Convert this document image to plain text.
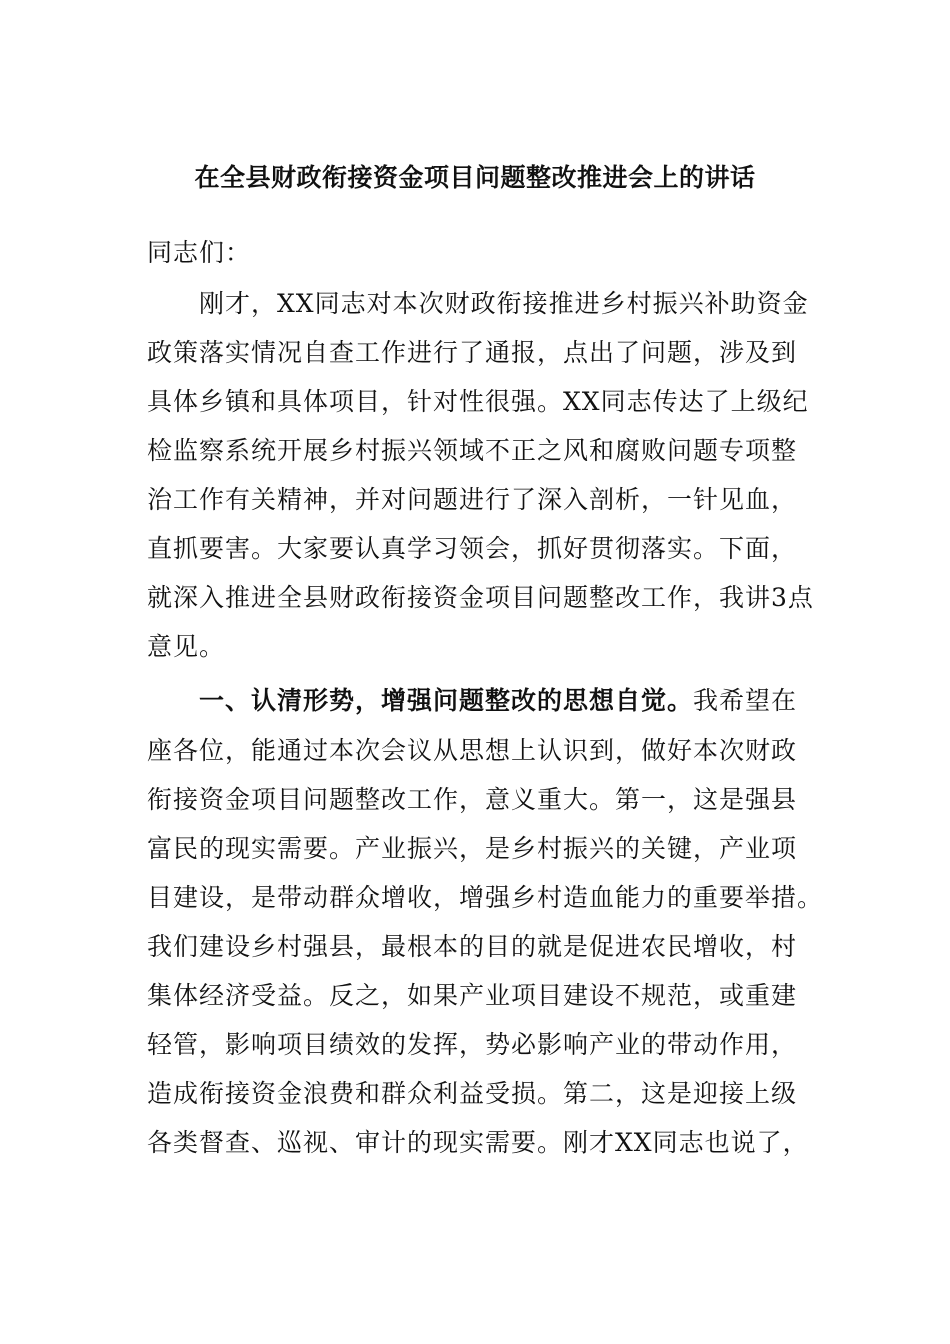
在全县财政衔接资金项目问题整改推进会上的讲话
同志们：
刚才，XX同志对本次财政衔接推进乡村振兴补助资金
政策落实情况自查工作进行了通报，点出了问题，涉及到
具体乡镇和具体项目，针对性很强。XX同志传达了上级纪
检监察系统开展乡村振兴领域不正之风和腐败问题专项整
治工作有关精神，并对问题进行了深入剖析，一针见血，
直抓要害。大家要认真学习领会，抓好贯彻落实。下面，
就深入推进全县财政衔接资金项目问题整改工作，我讲3点
意见。
一、认清形势，增强问题整改的思想自觉。我希望在
座各位，能通过本次会议从思想上认识到，做好本次财政
衔接资金项目问题整改工作，意义重大。第一，这是强县
富民的现实需要。产业振兴，是乡村振兴的关键，产业项
目建设，是带动群众增收，增强乡村造血能力的重要举措。
我们建设乡村强县，最根本的目的就是促进农民增收，村
集体经济受益。反之，如果产业项目建设不规范，或重建
轻管，影响项目绩效的发挥，势必影响产业的带动作用，
造成衔接资金浪费和群众利益受损。第二，这是迎接上级
各类督查、巡视、审计的现实需要。刚才XX同志也说了，
